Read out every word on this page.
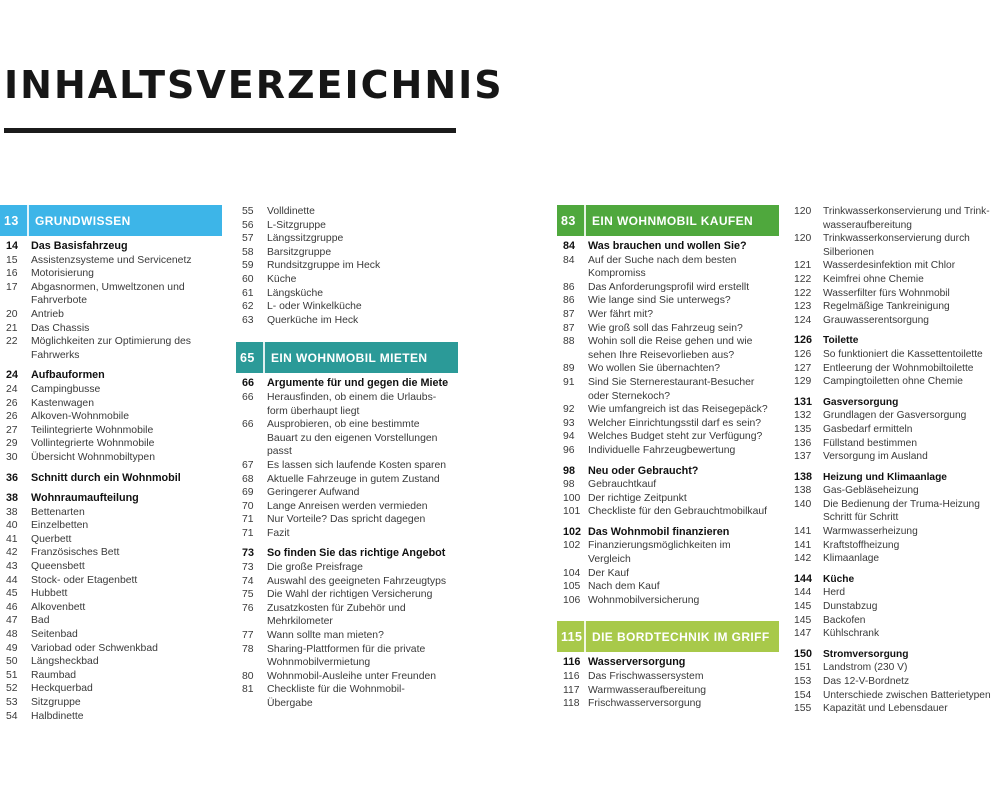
INHALTSVERZEICHNIS
13	GRUNDWISSEN
14	Das Basisfahrzeug
15	Assistenzsysteme und Servicenetz
16	Motorisierung
17	Abgasnormen, Umweltzonen und
Fahrverbote
20	Antrieb
21	Das Chassis
22	Möglichkeiten zur Optimierung des
Fahrwerks
24	Aufbauformen
24	Campingbusse
26	Kastenwagen
26	Alkoven-Wohnmobile
27	Teilintegrierte Wohnmobile
29	Vollintegrierte Wohnmobile
30	Übersicht Wohnmobiltypen
36	Schnitt durch ein Wohnmobil
38	Wohnraumaufteilung
38	Bettenarten
40	Einzelbetten
41	Querbett
42	Französisches Bett
43	Queensbett
44	Stock- oder Etagenbett
45	Hubbett
46	Alkovenbett
47	Bad
48	Seitenbad
49	Variobad oder Schwenkbad
50	Längsheckbad
51	Raumbad
52	Heckquerbad
53	Sitzgruppe
54	Halbdinette
55	Volldinette
56	L-Sitzgruppe
57	Längssitzgruppe
58	Barsitzgruppe
59	Rundsitzgruppe im Heck
60	Küche
61	Längsküche
62	L- oder Winkelküche
63	Querküche im Heck
65	EIN WOHNMOBIL MIETEN
66	Argumente für und gegen die Miete
66	Herausfinden, ob einem die Urlaubs-
form überhaupt liegt
66	Ausprobieren, ob eine bestimmte
Bauart zu den eigenen Vorstellungen
passt
67	Es lassen sich laufende Kosten sparen
68	Aktuelle Fahrzeuge in gutem Zustand
69	Geringerer Aufwand
70	Lange Anreisen werden vermieden
71	Nur Vorteile? Das spricht dagegen
71	Fazit
73	So finden Sie das richtige Angebot
73	Die große Preisfrage
74	Auswahl des geeigneten Fahrzeugtyps
75	Die Wahl der richtigen Versicherung
76	Zusatzkosten für Zubehör und
Mehrkilometer
77	Wann sollte man mieten?
78	Sharing-Plattformen für die private
Wohnmobilvermietung
80	Wohnmobil-Ausleihe unter Freunden
81	Checkliste für die Wohnmobil-
Übergabe
83	EIN WOHNMOBIL KAUFEN
84	Was brauchen und wollen Sie?
84	Auf der Suche nach dem besten
Kompromiss
86	Das Anforderungsprofil wird erstellt
86	Wie lange sind Sie unterwegs?
87	Wer fährt mit?
87	Wie groß soll das Fahrzeug sein?
88	Wohin soll die Reise gehen und wie
sehen Ihre Reisevorlieben aus?
89	Wo wollen Sie übernachten?
91	Sind Sie Sternerestaurant-Besucher
oder Sternekoch?
92	Wie umfangreich ist das Reisegepäck?
93	Welcher Einrichtungsstil darf es sein?
94	Welches Budget steht zur Verfügung?
96	Individuelle Fahrzeugbewertung
98	Neu oder Gebraucht?
98	Gebrauchtkauf
100 Der richtige Zeitpunkt
101 Checkliste für den Gebrauchtmobilkauf
102 Das Wohnmobil finanzieren
102 Finanzierungsmöglichkeiten im
Vergleich
104 Der Kauf
105 Nach dem Kauf
106 Wohnmobilversicherung
115 DIE BORDTECHNIK IM GRIFF
116 Wasserversorgung
116 Das Frischwassersystem
117 Warmwasseraufbereitung
118 Frischwasserversorgung
120	Trinkwasserkonservierung und Trink-
wasseraufbereitung
120	Trinkwasserkonservierung durch
Silberionen
121	Wasserdesinfektion mit Chlor
122	Keimfrei ohne Chemie
122	Wasserfilter fürs Wohnmobil
123	Regelmäßige Tankreinigung
124	Grauwasserentsorgung
126	Toilette
126	So funktioniert die Kassettentoilette
127	Entleerung der Wohnmobiltoilette
129	Campingtoiletten ohne Chemie
131	Gasversorgung
132	Grundlagen der Gasversorgung
135	Gasbedarf ermitteln
136	Füllstand bestimmen
137	Versorgung im Ausland
138	Heizung und Klimaanlage
138	Gas-Gebläseheizung
140	Die Bedienung der Truma-Heizung
Schritt für Schritt
141	Warmwasserheizung
141	Kraftstoffheizung
142	Klimaanlage
144	Küche
144	Herd
145	Dunstabzug
145	Backofen
147	Kühlschrank
150	Stromversorgung
151	Landstrom (230 V)
153	Das 12-V-Bordnetz
154	Unterschiede zwischen Batterietypen
155	Kapazität und Lebensdauer
